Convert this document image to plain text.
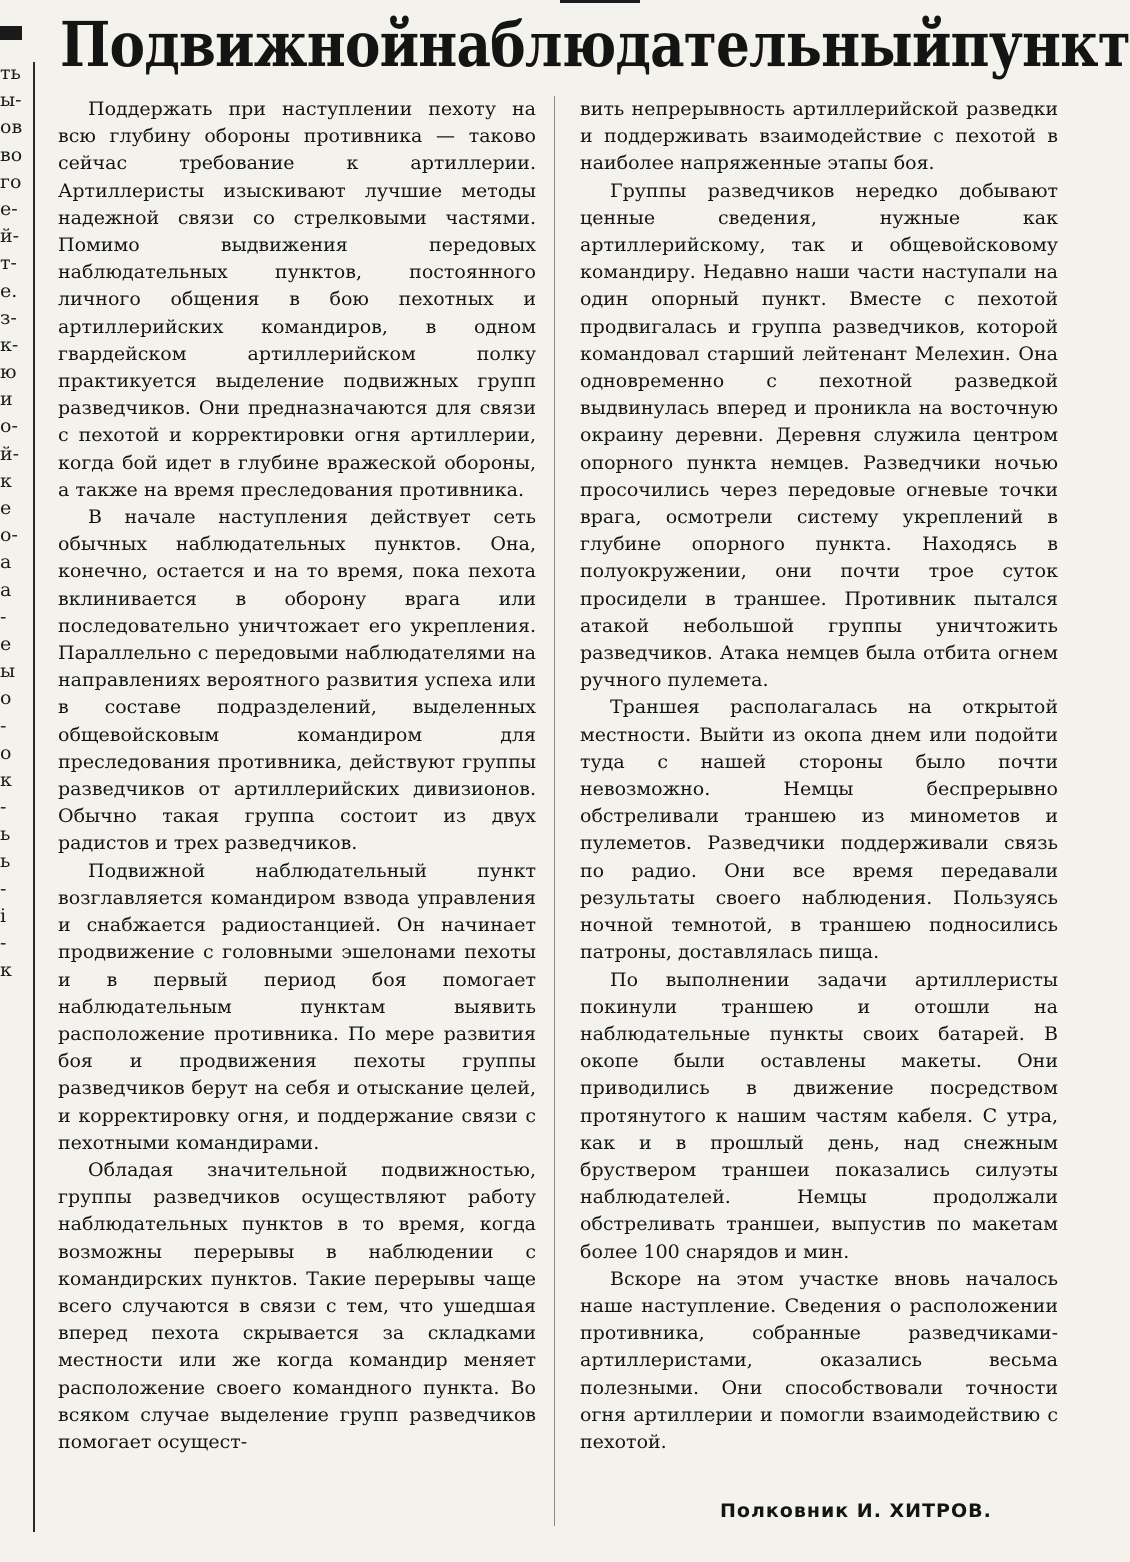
ть
ы-
ов
во
го
е-
й-
т-
е.
з-
к-
ю
и
о-
й-
к
е
о-
а
а
-
е
ы
о
-
о
к
-
ь
ь
-
i
-
к
Подвижной наблюдательный пункт

Поддержать при наступлении пехоту на всю глубину обороны противника — таково сейчас требование к артиллерии. Артиллеристы изыскивают лучшие методы надежной связи со стрелковыми частями. Помимо выдвижения передовых наблюдательных пунктов, постоянного личного общения в бою пехотных и артиллерийских командиров, в одном гвардейском артиллерийском полку практикуется выделение подвижных групп разведчиков. Они предназначаются для связи с пехотой и корректировки огня артиллерии, когда бой идет в глубине вражеской обороны, а также на время преследования противника.

В начале наступления действует сеть обычных наблюдательных пунктов. Она, конечно, остается и на то время, пока пехота вклинивается в оборону врага или последовательно уничтожает его укрепления. Параллельно с передовыми наблюдателями на направлениях вероятного развития успеха или в составе подразделений, выделенных общевойсковым командиром для преследования противника, действуют группы разведчиков от артиллерийских дивизионов. Обычно такая группа состоит из двух радистов и трех разведчиков.

Подвижной наблюдательный пункт возглавляется командиром взвода управления и снабжается радиостанцией. Он начинает продвижение с головными эшелонами пехоты и в первый период боя помогает наблюдательным пунктам выявить расположение противника. По мере развития боя и продвижения пехоты группы разведчиков берут на себя и отыскание целей, и корректировку огня, и поддержание связи с пехотными командирами.

Обладая значительной подвижностью, группы разведчиков осуществляют работу наблюдательных пунктов в то время, когда возможны перерывы в наблюдении с командирских пунктов. Такие перерывы чаще всего случаются в связи с тем, что ушедшая вперед пехота скрывается за складками местности или же когда командир меняет расположение своего командного пункта. Во всяком случае выделение групп разведчиков помогает осущест-

вить непрерывность артиллерийской разведки и поддерживать взаимодействие с пехотой в наиболее напряженные этапы боя.

Группы разведчиков нередко добывают ценные сведения, нужные как артиллерийскому, так и общевойсковому командиру. Недавно наши части наступали на один опорный пункт. Вместе с пехотой продвигалась и группа разведчиков, которой командовал старший лейтенант Мелехин. Она одновременно с пехотной разведкой выдвинулась вперед и проникла на восточную окраину деревни. Деревня служила центром опорного пункта немцев. Разведчики ночью просочились через передовые огневые точки врага, осмотрели систему укреплений в глубине опорного пункта. Находясь в полуокружении, они почти трое суток просидели в траншее. Противник пытался атакой небольшой группы уничтожить разведчиков. Атака немцев была отбита огнем ручного пулемета.

Траншея располагалась на открытой местности. Выйти из окопа днем или подойти туда с нашей стороны было почти невозможно. Немцы беспрерывно обстреливали траншею из минометов и пулеметов. Разведчики поддерживали связь по радио. Они все время передавали результаты своего наблюдения. Пользуясь ночной темнотой, в траншею подносились патроны, доставлялась пища.

По выполнении задачи артиллеристы покинули траншею и отошли на наблюдательные пункты своих батарей. В окопе были оставлены макеты. Они приводились в движение посредством протянутого к нашим частям кабеля. С утра, как и в прошлый день, над снежным бруствером траншеи показались силуэты наблюдателей. Немцы продолжали обстреливать траншеи, выпустив по макетам более 100 снарядов и мин.

Вскоре на этом участке вновь началось наше наступление. Сведения о расположении противника, собранные разведчиками-артиллеристами, оказались весьма полезными. Они способствовали точности огня артиллерии и помогли взаимодействию с пехотой.

Полковник И. ХИТРОВ.
